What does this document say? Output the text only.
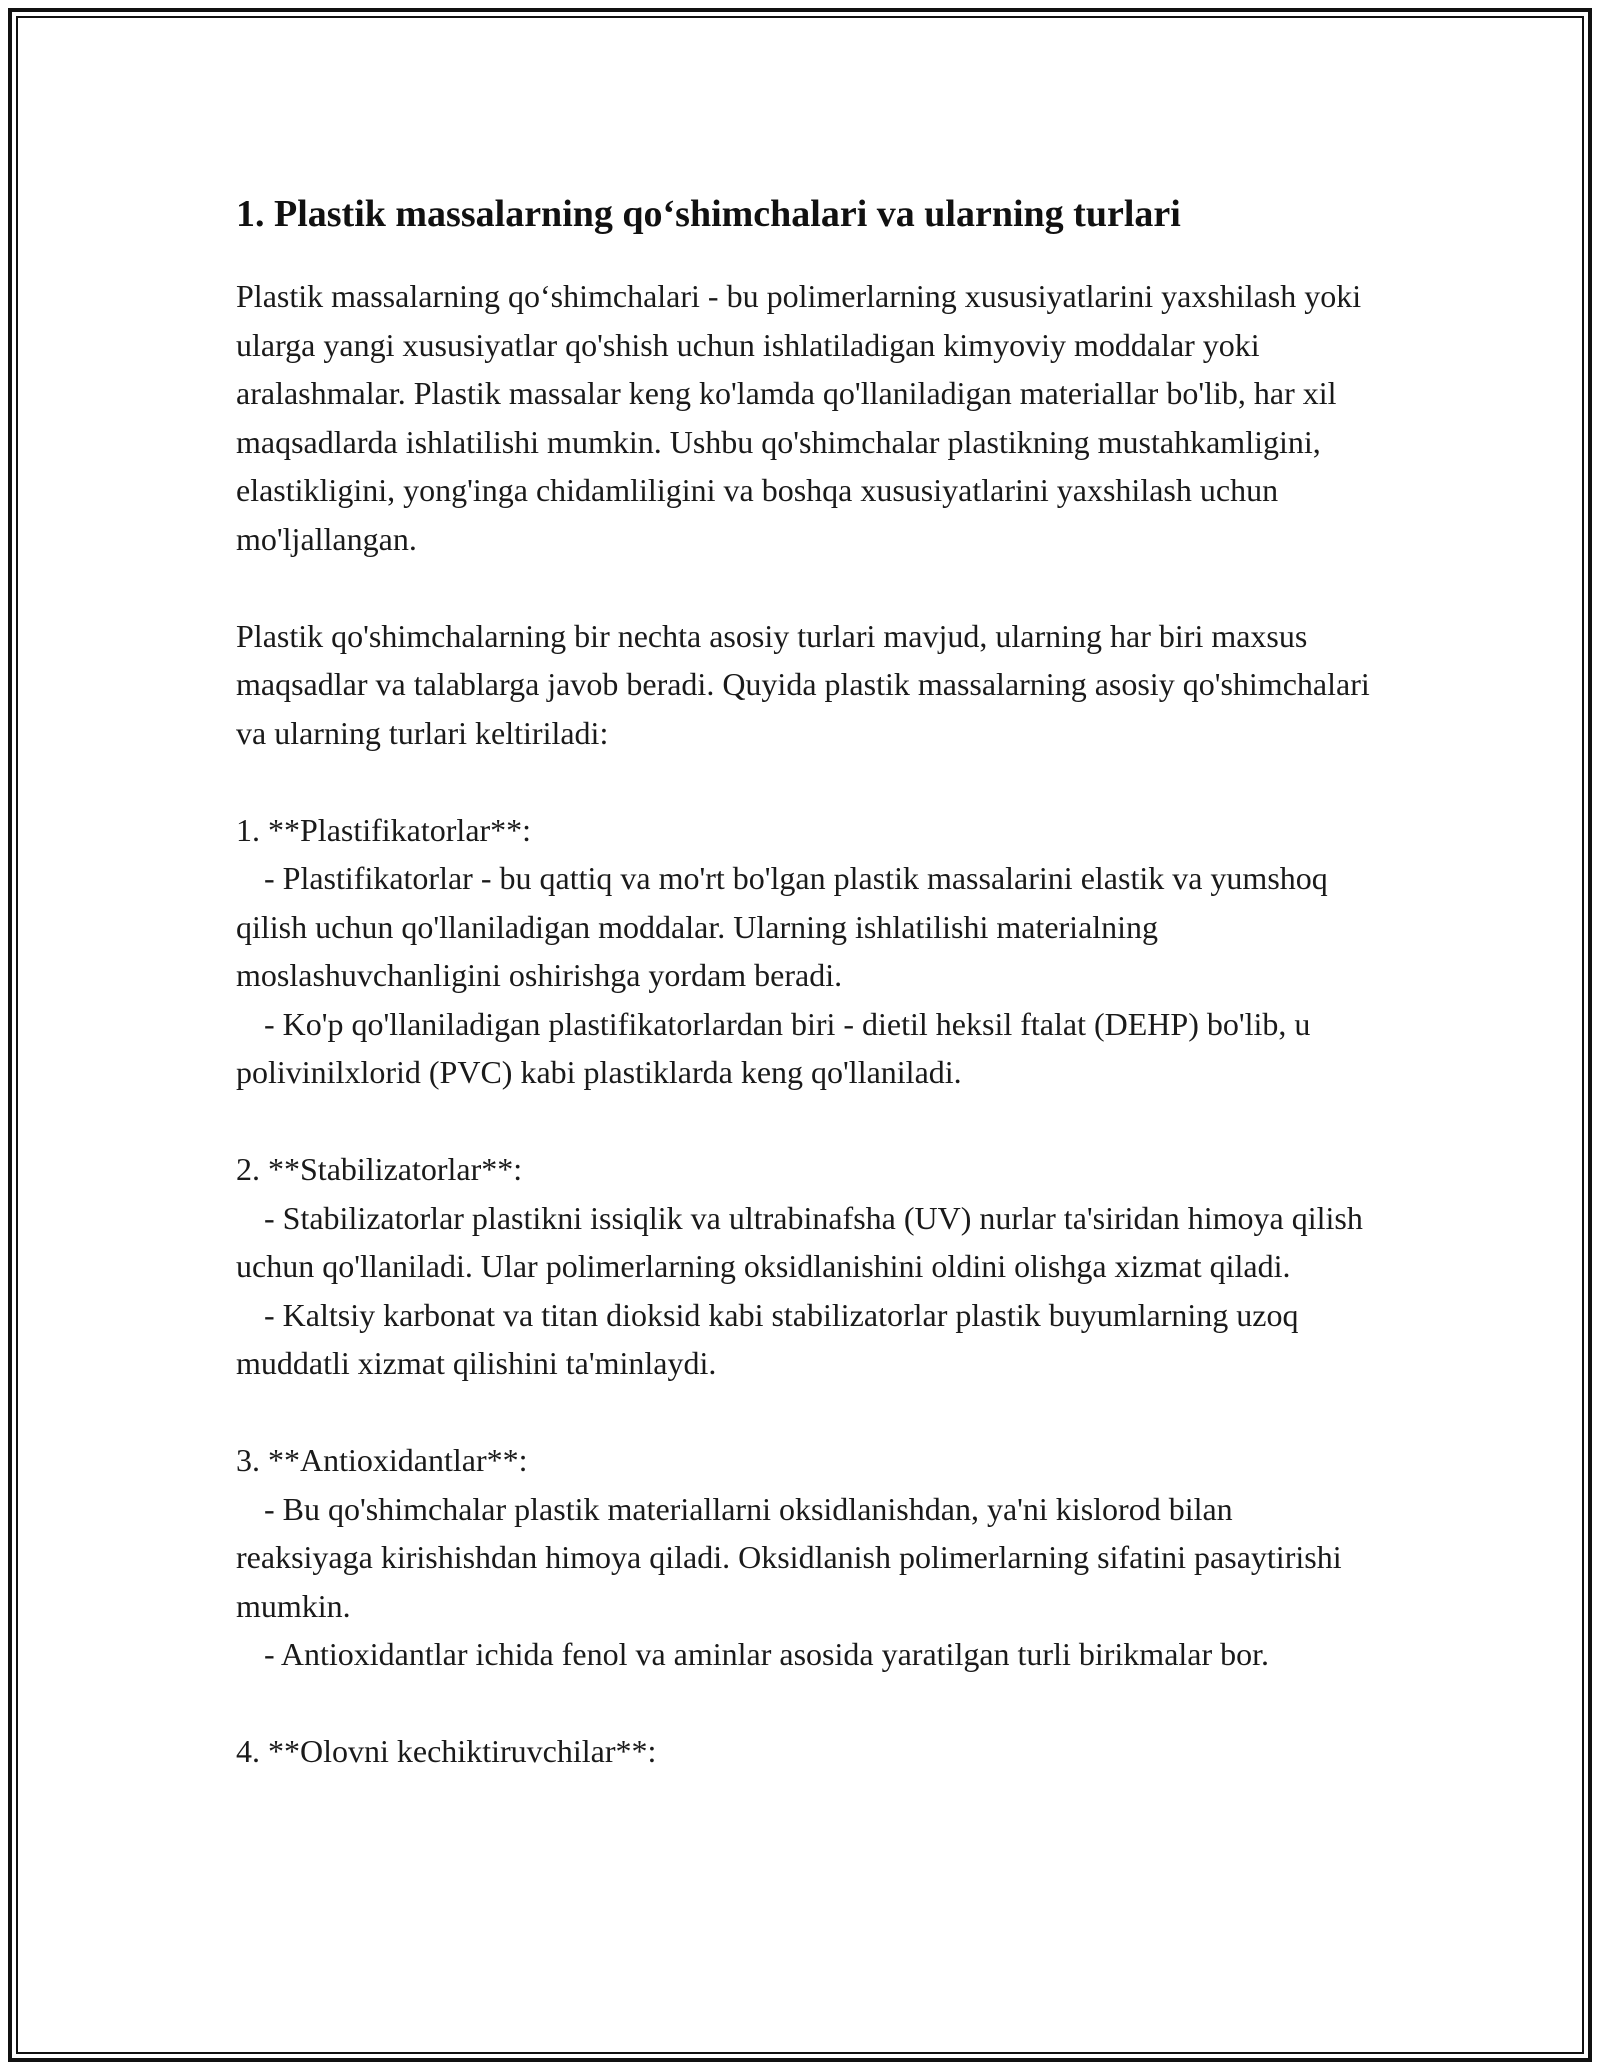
1. Plastik massalarning qo‘shimchalari va ularning turlari

Plastik massalarning qo‘shimchalari - bu polimerlarning xususiyatlarini yaxshilash yoki ularga yangi xususiyatlar qo'shish uchun ishlatiladigan kimyoviy moddalar yoki aralashmalar. Plastik massalar keng ko'lamda qo'llaniladigan materiallar bo'lib, har xil maqsadlarda ishlatilishi mumkin. Ushbu qo'shimchalar plastikning mustahkamligini, elastikligini, yong'inga chidamliligini va boshqa xususiyatlarini yaxshilash uchun mo'ljallangan.

Plastik qo'shimchalarning bir nechta asosiy turlari mavjud, ularning har biri maxsus maqsadlar va talablarga javob beradi. Quyida plastik massalarning asosiy qo'shimchalari va ularning turlari keltiriladi:

1. **Plastifikatorlar**:

- Plastifikatorlar - bu qattiq va mo'rt bo'lgan plastik massalarini elastik va yumshoq qilish uchun qo'llaniladigan moddalar. Ularning ishlatilishi materialning moslashuvchanligini oshirishga yordam beradi.

- Ko'p qo'llaniladigan plastifikatorlardan biri - dietil heksil ftalat (DEHP) bo'lib, u polivinilxlorid (PVC) kabi plastiklarda keng qo'llaniladi.

2. **Stabilizatorlar**:

- Stabilizatorlar plastikni issiqlik va ultrabinafsha (UV) nurlar ta'siridan himoya qilish uchun qo'llaniladi. Ular polimerlarning oksidlanishini oldini olishga xizmat qiladi.

- Kaltsiy karbonat va titan dioksid kabi stabilizatorlar plastik buyumlarning uzoq muddatli xizmat qilishini ta'minlaydi.

3. **Antioxidantlar**:

- Bu qo'shimchalar plastik materiallarni oksidlanishdan, ya'ni kislorod bilan reaksiyaga kirishishdan himoya qiladi. Oksidlanish polimerlarning sifatini pasaytirishi mumkin.

- Antioxidantlar ichida fenol va aminlar asosida yaratilgan turli birikmalar bor.

4. **Olovni kechiktiruvchilar**:
